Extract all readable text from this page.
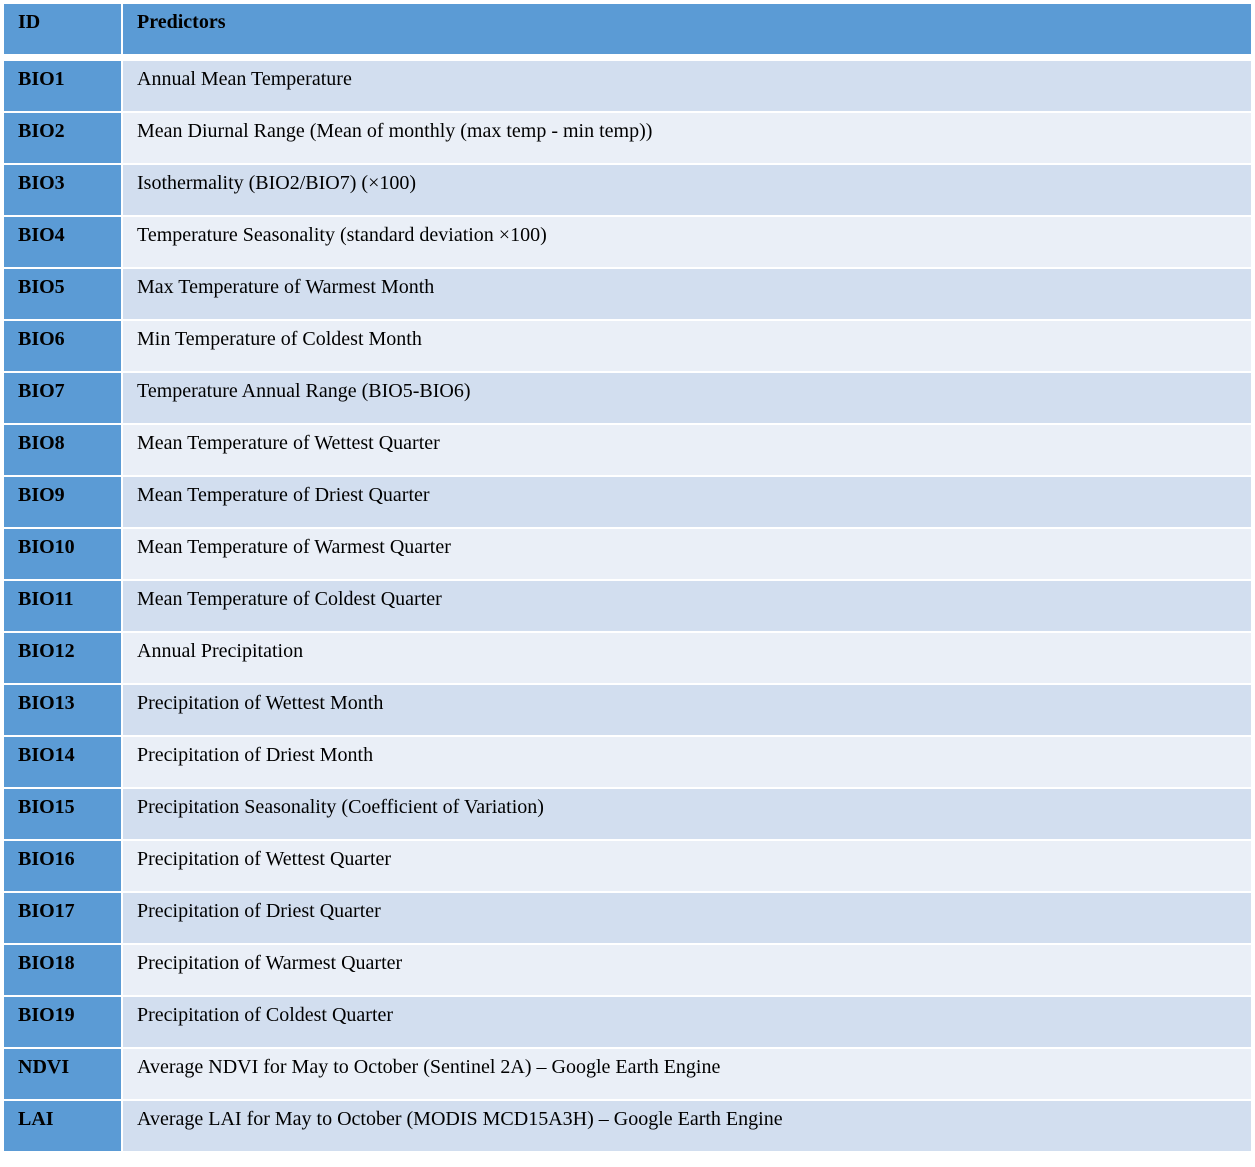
ID	Predictors
BIO1	Annual Mean Temperature
BIO2	Mean Diurnal Range (Mean of monthly (max temp - min temp))
BIO3	Isothermality (BIO2/BIO7) (×100)
BIO4	Temperature Seasonality (standard deviation ×100)
BIO5	Max Temperature of Warmest Month
BIO6	Min Temperature of Coldest Month
BIO7	Temperature Annual Range (BIO5-BIO6)
BIO8	Mean Temperature of Wettest Quarter
BIO9	Mean Temperature of Driest Quarter
BIO10	Mean Temperature of Warmest Quarter
BIO11	Mean Temperature of Coldest Quarter
BIO12	Annual Precipitation
BIO13	Precipitation of Wettest Month
BIO14	Precipitation of Driest Month
BIO15	Precipitation Seasonality (Coefficient of Variation)
BIO16	Precipitation of Wettest Quarter
BIO17	Precipitation of Driest Quarter
BIO18	Precipitation of Warmest Quarter
BIO19	Precipitation of Coldest Quarter
NDVI	Average NDVI for May to October (Sentinel 2A) – Google Earth Engine
LAI	Average LAI for May to October (MODIS MCD15A3H) – Google Earth Engine
